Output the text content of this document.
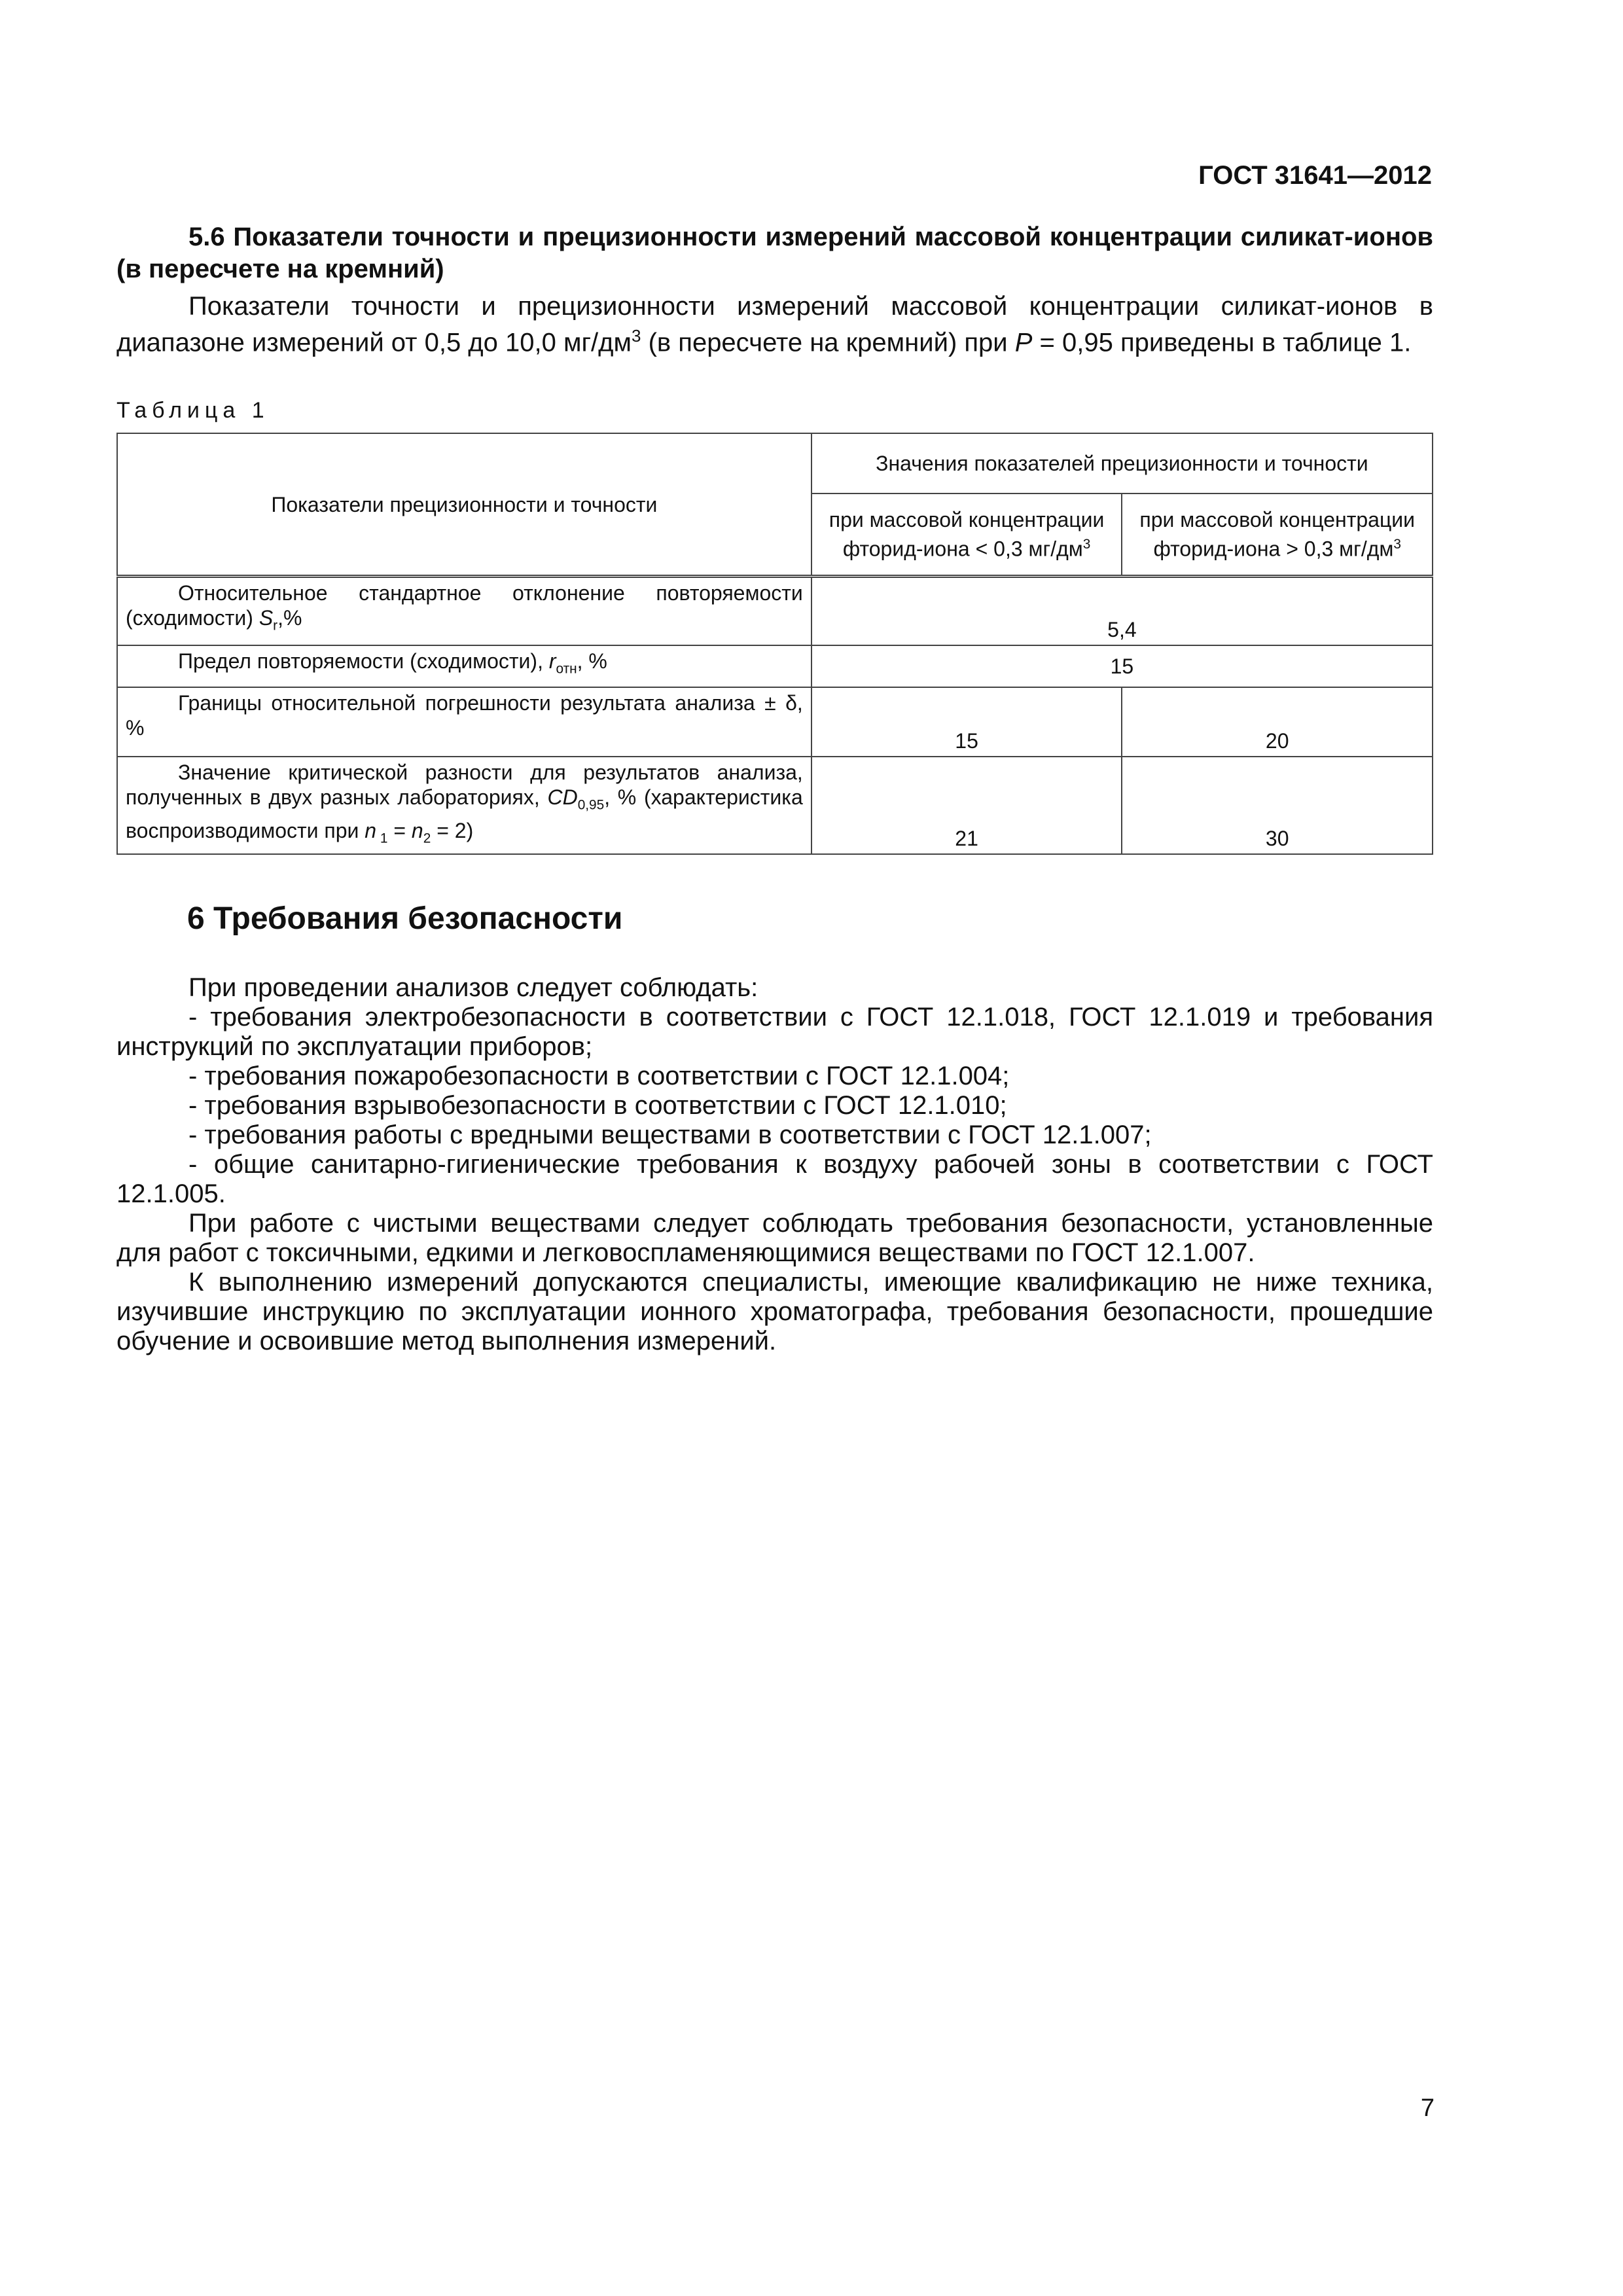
ГОСТ 31641—2012

5.6 Показатели точности и прецизионности измерений массовой концентрации силикат-ионов (в пересчете на кремний)

Показатели точности и прецизионности измерений массовой концентрации силикат-ионов в диапазоне измерений от 0,5 до 10,0 $мг/дм^3$ (в пересчете на кремний) при P = 0,95 приведены в таблице 1.

Таблица 1
Показатели прецизионности и точности	Значения показателей прецизионности и точности	
	при массовой концентрации фторид-иона < 0,3 $мг/дм^3$	при массовой концентрации фторид-иона > 0,3 $мг/дм^3$
Относительное стандартное отклонение повторяемости (сходимости) $S_r,\%$	5,4	
Предел повторяемости (сходимости), $r_{отн}$, %	15	
Границы относительной погрешности результата анализа ± δ, %	15	20
Значение критической разности для результатов анализа, полученных в двух разных лабораториях, $CD_{0,95}$, % (характеристика воспроизводимости при n $_1 = n_2 = 2$)	21	30
6 Требования безопасности

При проведении анализов следует соблюдать:

- требования электробезопасности в соответствии с ГОСТ 12.1.018, ГОСТ 12.1.019 и требования инструкций по эксплуатации приборов;

- требования пожаробезопасности в соответствии с ГОСТ 12.1.004;

- требования взрывобезопасности в соответствии с ГОСТ 12.1.010;

- требования работы с вредными веществами в соответствии с ГОСТ 12.1.007;

- общие санитарно-гигиенические требования к воздуху рабочей зоны в соответствии с ГОСТ 12.1.005.

При работе с чистыми веществами следует соблюдать требования безопасности, установленные для работ с токсичными, едкими и легковоспламеняющимися веществами по ГОСТ 12.1.007.

К выполнению измерений допускаются специалисты, имеющие квалификацию не ниже техника, изучившие инструкцию по эксплуатации ионного хроматографа, требования безопасности, прошедшие обучение и освоившие метод выполнения измерений.

7
